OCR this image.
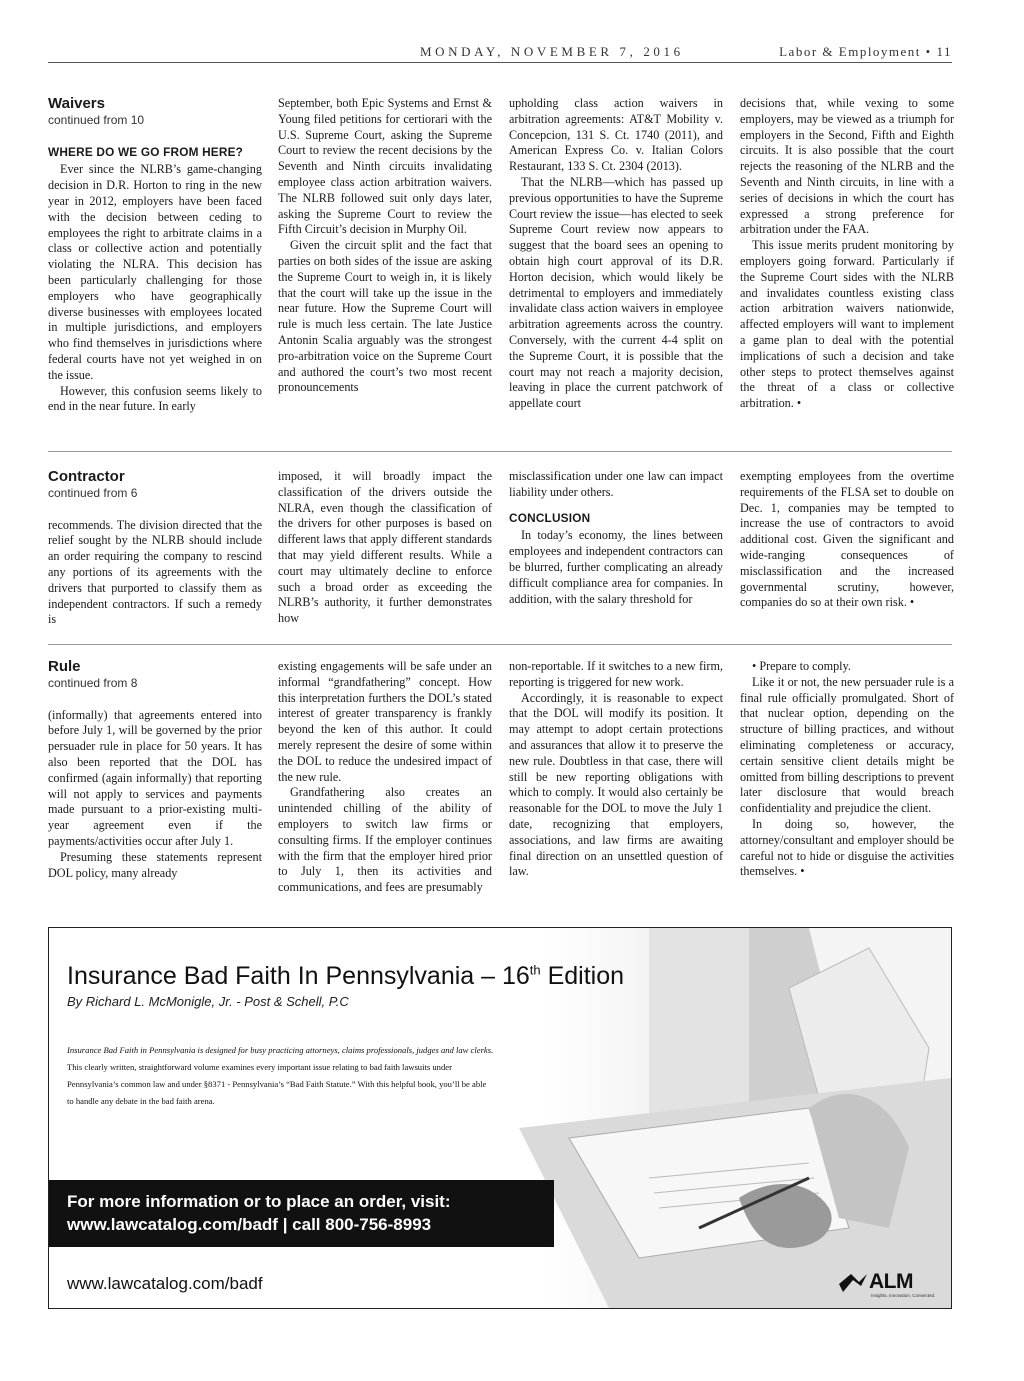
MONDAY, NOVEMBER 7, 2016	Labor & Employment • 11
Waivers
continued from 10

WHERE DO WE GO FROM HERE?

Ever since the NLRB’s game-changing decision in D.R. Horton to ring in the new year in 2012, employers have been faced with the decision between ceding to employees the right to arbitrate claims in a class or collective action and potentially violating the NLRA. This decision has been particularly challenging for those employers who have geographically diverse businesses with employees located in multiple jurisdictions, and employers who find themselves in jurisdictions where federal courts have not yet weighed in on the issue.

However, this confusion seems likely to end in the near future. In early

September, both Epic Systems and Ernst & Young filed petitions for certiorari with the U.S. Supreme Court, asking the Supreme Court to review the recent decisions by the Seventh and Ninth circuits invalidating employee class action arbitration waivers. The NLRB followed suit only days later, asking the Supreme Court to review the Fifth Circuit’s decision in Murphy Oil.

Given the circuit split and the fact that parties on both sides of the issue are asking the Supreme Court to weigh in, it is likely that the court will take up the issue in the near future. How the Supreme Court will rule is much less certain. The late Justice Antonin Scalia arguably was the strongest pro-arbitration voice on the Supreme Court and authored the court’s two most recent pronouncements

upholding class action waivers in arbitration agreements: AT&T Mobility v. Concepcion, 131 S. Ct. 1740 (2011), and American Express Co. v. Italian Colors Restaurant, 133 S. Ct. 2304 (2013).

That the NLRB—which has passed up previous opportunities to have the Supreme Court review the issue—has elected to seek Supreme Court review now appears to suggest that the board sees an opening to obtain high court approval of its D.R. Horton decision, which would likely be detrimental to employers and immediately invalidate class action waivers in employee arbitration agreements across the country. Conversely, with the current 4-4 split on the Supreme Court, it is possible that the court may not reach a majority decision, leaving in place the current patchwork of appellate court

decisions that, while vexing to some employers, may be viewed as a triumph for employers in the Second, Fifth and Eighth circuits. It is also possible that the court rejects the reasoning of the NLRB and the Seventh and Ninth circuits, in line with a series of decisions in which the court has expressed a strong preference for arbitration under the FAA.

This issue merits prudent monitoring by employers going forward. Particularly if the Supreme Court sides with the NLRB and invalidates countless existing class action arbitration waivers nationwide, affected employers will want to implement a game plan to deal with the potential implications of such a decision and take other steps to protect themselves against the threat of a class or collective arbitration. •

Contractor
continued from 6

recommends. The division directed that the relief sought by the NLRB should include an order requiring the company to rescind any portions of its agreements with the drivers that purported to classify them as independent contractors. If such a remedy is

imposed, it will broadly impact the classification of the drivers outside the NLRA, even though the classification of the drivers for other purposes is based on different laws that apply different standards that may yield different results. While a court may ultimately decline to enforce such a broad order as exceeding the NLRB’s authority, it further demonstrates how

misclassification under one law can impact liability under others.

CONCLUSION

In today’s economy, the lines between employees and independent contractors can be blurred, further complicating an already difficult compliance area for companies. In addition, with the salary threshold for

exempting employees from the overtime requirements of the FLSA set to double on Dec. 1, companies may be tempted to increase the use of contractors to avoid additional cost. Given the significant and wide-ranging consequences of misclassification and the increased governmental scrutiny, however, companies do so at their own risk. •

Rule
continued from 8

(informally) that agreements entered into before July 1, will be governed by the prior persuader rule in place for 50 years. It has also been reported that the DOL has confirmed (again informally) that reporting will not apply to services and payments made pursuant to a prior-existing multi-year agreement even if the payments/activities occur after July 1.

Presuming these statements represent DOL policy, many already

existing engagements will be safe under an informal “grandfathering” concept. How this interpretation furthers the DOL’s stated interest of greater transparency is frankly beyond the ken of this author. It could merely represent the desire of some within the DOL to reduce the undesired impact of the new rule.

Grandfathering also creates an unintended chilling of the ability of employers to switch law firms or consulting firms. If the employer continues with the firm that the employer hired prior to July 1, then its activities and communications, and fees are presumably

non-reportable. If it switches to a new firm, reporting is triggered for new work.

Accordingly, it is reasonable to expect that the DOL will modify its position. It may attempt to adopt certain protections and assurances that allow it to preserve the new rule. Doubtless in that case, there will still be new reporting obligations with which to comply. It would also certainly be reasonable for the DOL to move the July 1 date, recognizing that employers, associations, and law firms are awaiting final direction on an unsettled question of law.

• Prepare to comply.

Like it or not, the new persuader rule is a final rule officially promulgated. Short of that nuclear option, depending on the structure of billing practices, and without eliminating completeness or accuracy, certain sensitive client details might be omitted from billing descriptions to prevent later disclosure that would breach confidentiality and prejudice the client.

In doing so, however, the attorney/consultant and employer should be careful not to hide or disguise the activities themselves. •

Insurance Bad Faith In Pennsylvania – 16th Edition
By Richard L. McMonigle, Jr. - Post & Schell, P.C
Insurance Bad Faith in Pennsylvania is designed for busy practicing attorneys, claims professionals, judges and law clerks.
This clearly written, straightforward volume examines every important issue relating to bad faith lawsuits under
Pennsylvania’s common law and under §8371 - Pennsylvania’s “Bad Faith Statute.” With this helpful book, you’ll be able
to handle any debate in the bad faith arena.
For more information or to place an order, visit:
www.lawcatalog.com/badf | call 800-756-8993
www.lawcatalog.com/badf	ALM
Insights. Innovation. Connected.
